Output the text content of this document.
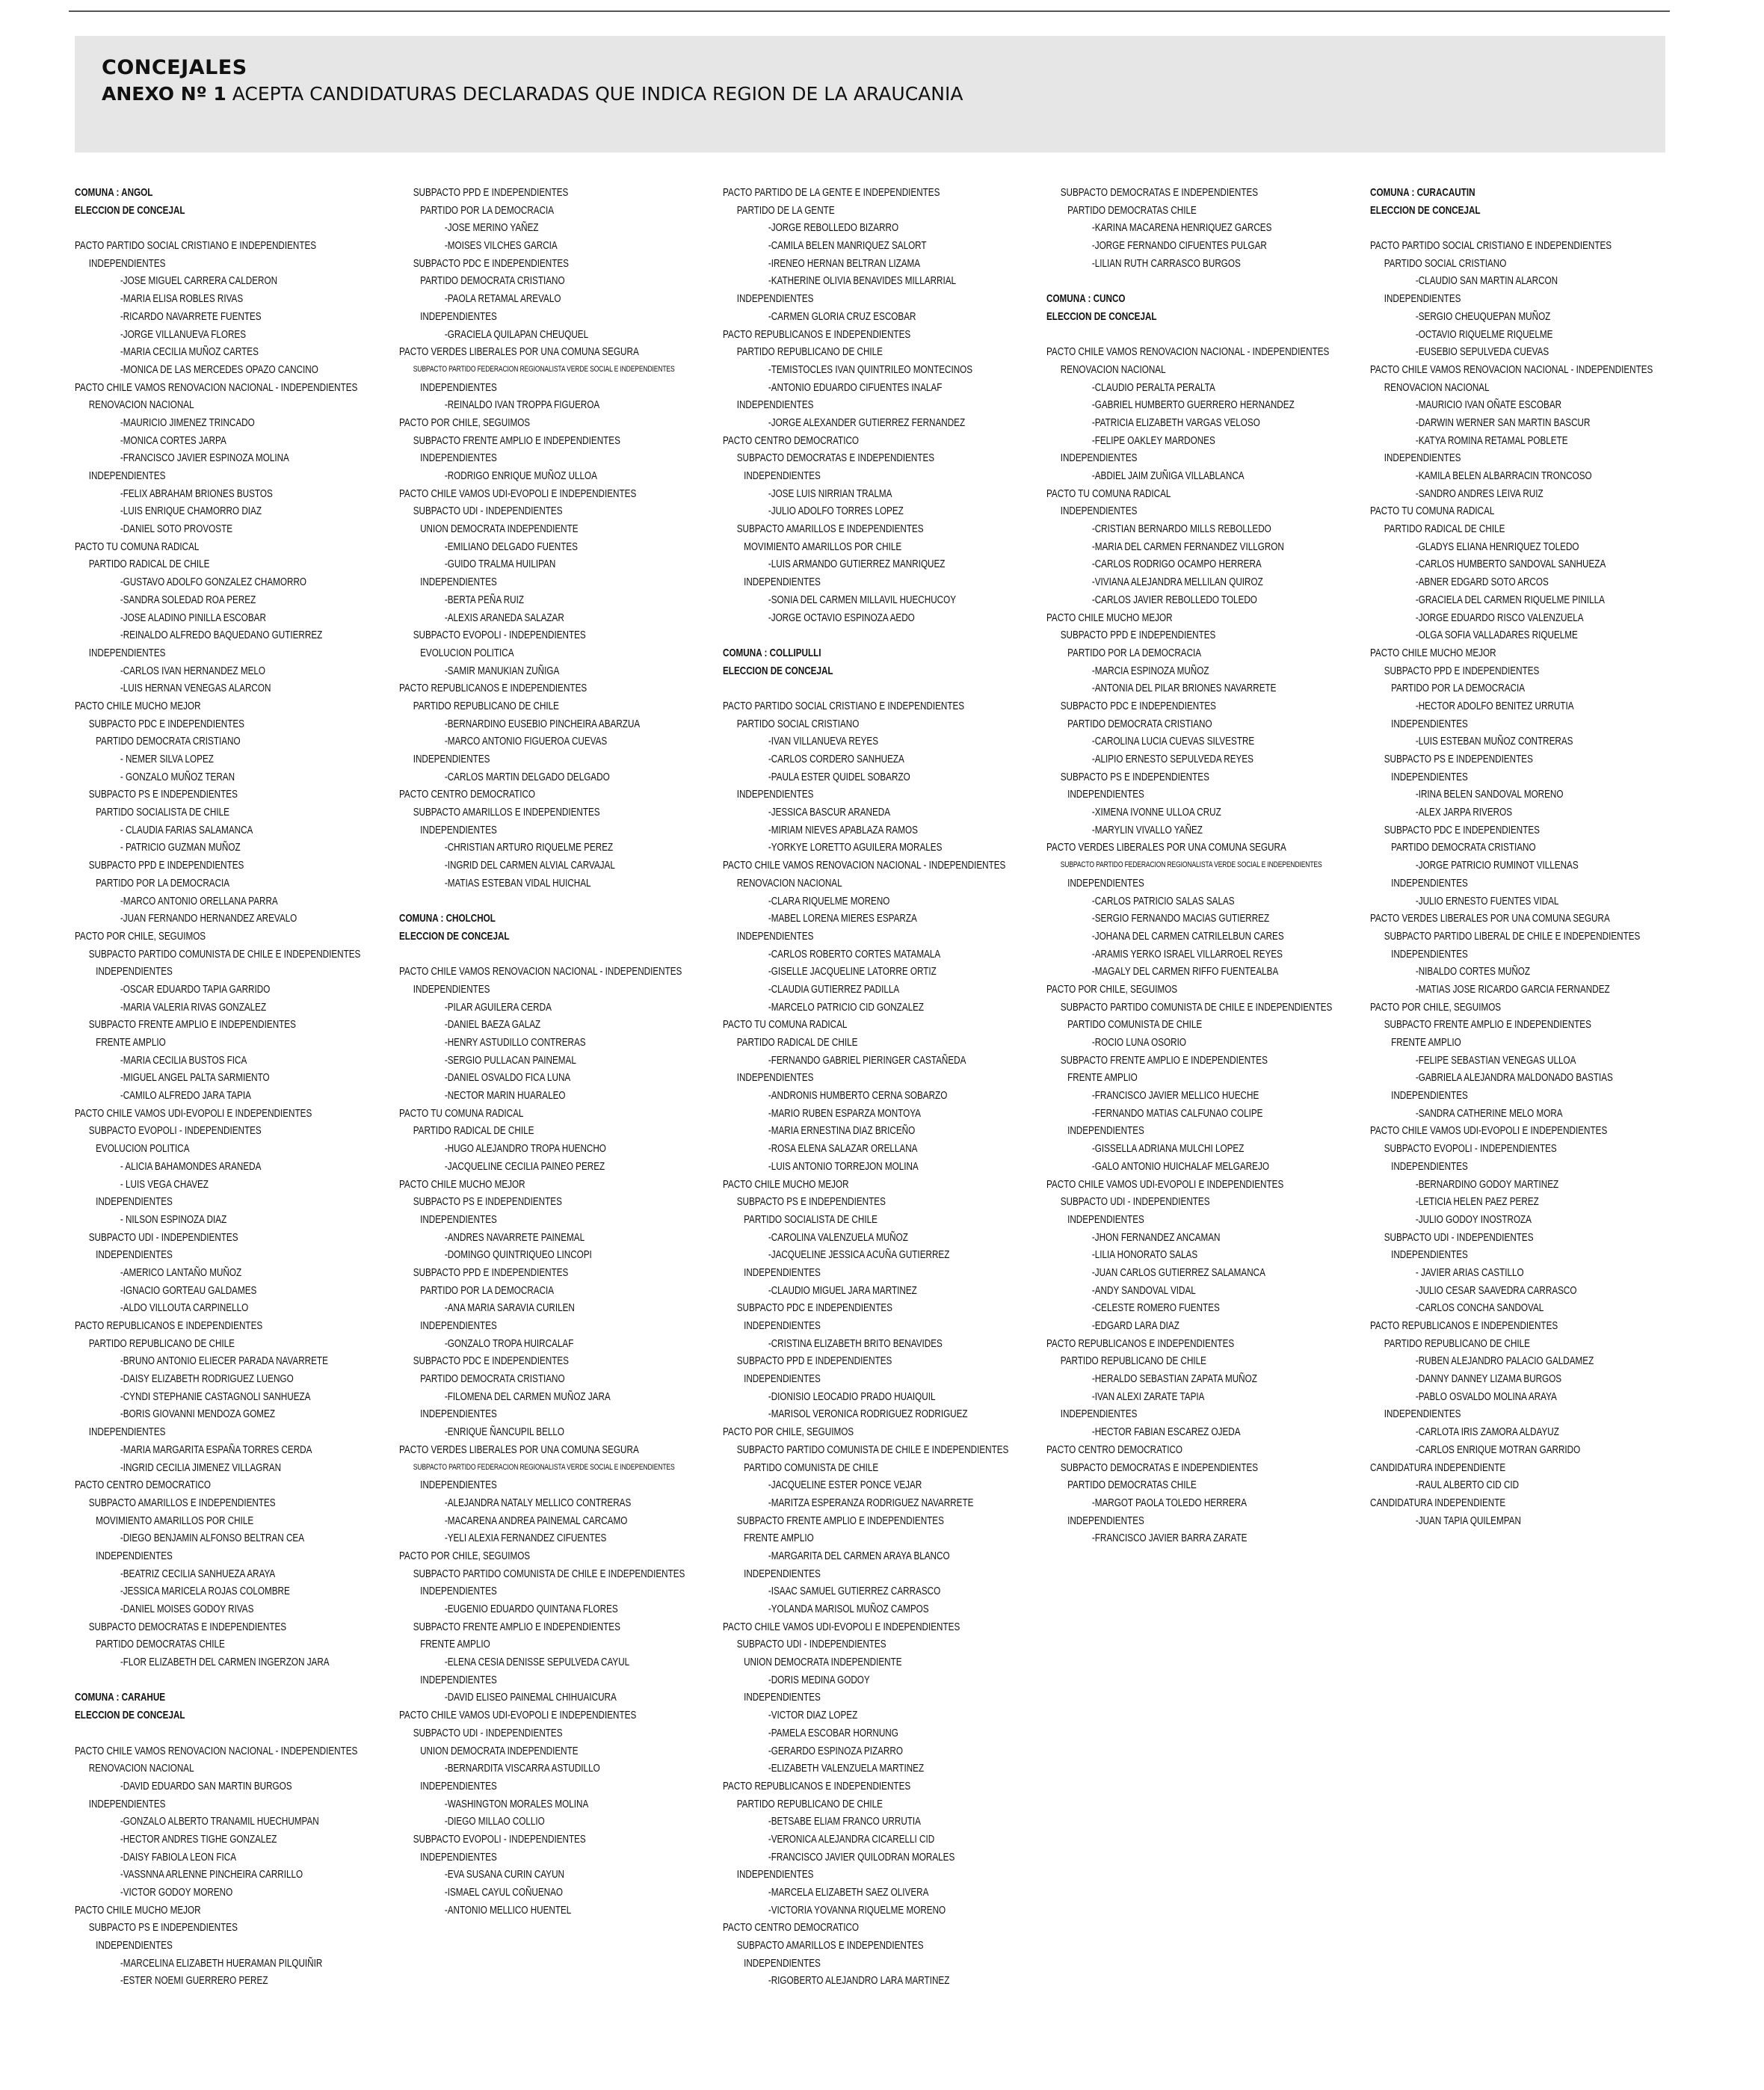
CONCEJALES

ANEXO Nº 1 ACEPTA CANDIDATURAS DECLARADAS QUE INDICA REGION DE LA ARAUCANIA

COMUNA : ANGOL
ELECCION DE CONCEJAL
PACTO PARTIDO SOCIAL CRISTIANO E INDEPENDIENTES
INDEPENDIENTES
-JOSE MIGUEL CARRERA CALDERON
-MARIA ELISA ROBLES RIVAS
-RICARDO NAVARRETE FUENTES
-JORGE VILLANUEVA FLORES
-MARIA CECILIA MUÑOZ CARTES
-MONICA DE LAS MERCEDES OPAZO CANCINO
PACTO CHILE VAMOS RENOVACION NACIONAL - INDEPENDIENTES
RENOVACION NACIONAL
-MAURICIO JIMENEZ TRINCADO
-MONICA CORTES JARPA
-FRANCISCO JAVIER ESPINOZA MOLINA
INDEPENDIENTES
-FELIX ABRAHAM BRIONES BUSTOS
-LUIS ENRIQUE CHAMORRO DIAZ
-DANIEL SOTO PROVOSTE
PACTO TU COMUNA RADICAL
PARTIDO RADICAL DE CHILE
-GUSTAVO ADOLFO GONZALEZ CHAMORRO
-SANDRA SOLEDAD ROA PEREZ
-JOSE ALADINO PINILLA ESCOBAR
-REINALDO ALFREDO BAQUEDANO GUTIERREZ
INDEPENDIENTES
-CARLOS IVAN HERNANDEZ MELO
-LUIS HERNAN VENEGAS ALARCON
PACTO CHILE MUCHO MEJOR
SUBPACTO PDC E INDEPENDIENTES
PARTIDO DEMOCRATA CRISTIANO
- NEMER SILVA LOPEZ
- GONZALO MUÑOZ TERAN
SUBPACTO PS E INDEPENDIENTES
PARTIDO SOCIALISTA DE CHILE
- CLAUDIA FARIAS SALAMANCA
- PATRICIO GUZMAN MUÑOZ
SUBPACTO PPD E INDEPENDIENTES
PARTIDO POR LA DEMOCRACIA
-MARCO ANTONIO ORELLANA PARRA
-JUAN FERNANDO HERNANDEZ AREVALO
PACTO POR CHILE, SEGUIMOS
SUBPACTO PARTIDO COMUNISTA DE CHILE E INDEPENDIENTES
INDEPENDIENTES
-OSCAR EDUARDO TAPIA GARRIDO
-MARIA VALERIA RIVAS GONZALEZ
SUBPACTO FRENTE AMPLIO E INDEPENDIENTES
FRENTE AMPLIO
-MARIA CECILIA BUSTOS FICA
-MIGUEL ANGEL PALTA SARMIENTO
-CAMILO ALFREDO JARA TAPIA
PACTO CHILE VAMOS UDI-EVOPOLI E INDEPENDIENTES
SUBPACTO EVOPOLI - INDEPENDIENTES
EVOLUCION POLITICA
- ALICIA BAHAMONDES ARANEDA
- LUIS VEGA CHAVEZ
INDEPENDIENTES
- NILSON ESPINOZA DIAZ
SUBPACTO UDI - INDEPENDIENTES
INDEPENDIENTES
-AMERICO LANTAÑO MUÑOZ
-IGNACIO GORTEAU GALDAMES
-ALDO VILLOUTA CARPINELLO
PACTO REPUBLICANOS E INDEPENDIENTES
PARTIDO REPUBLICANO DE CHILE
-BRUNO ANTONIO ELIECER PARADA NAVARRETE
-DAISY ELIZABETH RODRIGUEZ LUENGO
-CYNDI STEPHANIE CASTAGNOLI SANHUEZA
-BORIS GIOVANNI MENDOZA GOMEZ
INDEPENDIENTES
-MARIA MARGARITA ESPAÑA TORRES CERDA
-INGRID CECILIA JIMENEZ VILLAGRAN
PACTO CENTRO DEMOCRATICO
SUBPACTO AMARILLOS E INDEPENDIENTES
MOVIMIENTO AMARILLOS POR CHILE
-DIEGO BENJAMIN ALFONSO BELTRAN CEA
INDEPENDIENTES
-BEATRIZ CECILIA SANHUEZA ARAYA
-JESSICA MARICELA ROJAS COLOMBRE
-DANIEL MOISES GODOY RIVAS
SUBPACTO DEMOCRATAS E INDEPENDIENTES
PARTIDO DEMOCRATAS CHILE
-FLOR ELIZABETH DEL CARMEN INGERZON JARA
COMUNA : CARAHUE
ELECCION DE CONCEJAL
PACTO CHILE VAMOS RENOVACION NACIONAL - INDEPENDIENTES
RENOVACION NACIONAL
-DAVID EDUARDO SAN MARTIN BURGOS
INDEPENDIENTES
-GONZALO ALBERTO TRANAMIL HUECHUMPAN
-HECTOR ANDRES TIGHE GONZALEZ
-DAISY FABIOLA LEON FICA
-VASSNNA ARLENNE PINCHEIRA CARRILLO
-VICTOR GODOY MORENO
PACTO CHILE MUCHO MEJOR
SUBPACTO PS E INDEPENDIENTES
INDEPENDIENTES
-MARCELINA ELIZABETH HUERAMAN PILQUIÑIR
-ESTER NOEMI GUERRERO PEREZ
SUBPACTO PPD E INDEPENDIENTES
PARTIDO POR LA DEMOCRACIA
-JOSE MERINO YAÑEZ
-MOISES VILCHES GARCIA
SUBPACTO PDC E INDEPENDIENTES
PARTIDO DEMOCRATA CRISTIANO
-PAOLA RETAMAL AREVALO
INDEPENDIENTES
-GRACIELA QUILAPAN CHEUQUEL
PACTO VERDES LIBERALES POR UNA COMUNA SEGURA
SUBPACTO PARTIDO FEDERACION REGIONALISTA VERDE SOCIAL E INDEPENDIENTES
INDEPENDIENTES
-REINALDO IVAN TROPPA FIGUEROA
PACTO POR CHILE, SEGUIMOS
SUBPACTO FRENTE AMPLIO E INDEPENDIENTES
INDEPENDIENTES
-RODRIGO ENRIQUE MUÑOZ ULLOA
PACTO CHILE VAMOS UDI-EVOPOLI E INDEPENDIENTES
SUBPACTO UDI - INDEPENDIENTES
UNION DEMOCRATA INDEPENDIENTE
-EMILIANO DELGADO FUENTES
-GUIDO TRALMA HUILIPAN
INDEPENDIENTES
-BERTA PEÑA RUIZ
-ALEXIS ARANEDA SALAZAR
SUBPACTO EVOPOLI - INDEPENDIENTES
EVOLUCION POLITICA
-SAMIR MANUKIAN ZUÑIGA
PACTO REPUBLICANOS E INDEPENDIENTES
PARTIDO REPUBLICANO DE CHILE
-BERNARDINO EUSEBIO PINCHEIRA ABARZUA
-MARCO ANTONIO FIGUEROA CUEVAS
INDEPENDIENTES
-CARLOS MARTIN DELGADO DELGADO
PACTO CENTRO DEMOCRATICO
SUBPACTO AMARILLOS E INDEPENDIENTES
INDEPENDIENTES
-CHRISTIAN ARTURO RIQUELME PEREZ
-INGRID DEL CARMEN ALVIAL CARVAJAL
-MATIAS ESTEBAN VIDAL HUICHAL
COMUNA : CHOLCHOL
ELECCION DE CONCEJAL
PACTO CHILE VAMOS RENOVACION NACIONAL - INDEPENDIENTES
INDEPENDIENTES
-PILAR AGUILERA CERDA
-DANIEL BAEZA GALAZ
-HENRY ASTUDILLO CONTRERAS
-SERGIO PULLACAN PAINEMAL
-DANIEL OSVALDO FICA LUNA
-NECTOR MARIN HUARALEO
PACTO TU COMUNA RADICAL
PARTIDO RADICAL DE CHILE
-HUGO ALEJANDRO TROPA HUENCHO
-JACQUELINE CECILIA PAINEO PEREZ
PACTO CHILE MUCHO MEJOR
SUBPACTO PS E INDEPENDIENTES
INDEPENDIENTES
-ANDRES NAVARRETE PAINEMAL
-DOMINGO QUINTRIQUEO LINCOPI
SUBPACTO PPD E INDEPENDIENTES
PARTIDO POR LA DEMOCRACIA
-ANA MARIA SARAVIA CURILEN
INDEPENDIENTES
-GONZALO TROPA HUIRCALAF
SUBPACTO PDC E INDEPENDIENTES
PARTIDO DEMOCRATA CRISTIANO
-FILOMENA DEL CARMEN MUÑOZ JARA
INDEPENDIENTES
-ENRIQUE ÑANCUPIL BELLO
PACTO VERDES LIBERALES POR UNA COMUNA SEGURA
SUBPACTO PARTIDO FEDERACION REGIONALISTA VERDE SOCIAL E INDEPENDIENTES
INDEPENDIENTES
-ALEJANDRA NATALY MELLICO CONTRERAS
-MACARENA ANDREA PAINEMAL CARCAMO
-YELI ALEXIA FERNANDEZ CIFUENTES
PACTO POR CHILE, SEGUIMOS
SUBPACTO PARTIDO COMUNISTA DE CHILE E INDEPENDIENTES
INDEPENDIENTES
-EUGENIO EDUARDO QUINTANA FLORES
SUBPACTO FRENTE AMPLIO E INDEPENDIENTES
FRENTE AMPLIO
-ELENA CESIA DENISSE SEPULVEDA CAYUL
INDEPENDIENTES
-DAVID ELISEO PAINEMAL CHIHUAICURA
PACTO CHILE VAMOS UDI-EVOPOLI E INDEPENDIENTES
SUBPACTO UDI - INDEPENDIENTES
UNION DEMOCRATA INDEPENDIENTE
-BERNARDITA VISCARRA ASTUDILLO
INDEPENDIENTES
-WASHINGTON MORALES MOLINA
-DIEGO MILLAO COLLIO
SUBPACTO EVOPOLI - INDEPENDIENTES
INDEPENDIENTES
-EVA SUSANA CURIN CAYUN
-ISMAEL CAYUL COÑUENAO
-ANTONIO MELLICO HUENTEL
PACTO PARTIDO DE LA GENTE E INDEPENDIENTES
PARTIDO DE LA GENTE
-JORGE REBOLLEDO BIZARRO
-CAMILA BELEN MANRIQUEZ SALORT
-IRENEO HERNAN BELTRAN LIZAMA
-KATHERINE OLIVIA BENAVIDES MILLARRIAL
INDEPENDIENTES
-CARMEN GLORIA CRUZ ESCOBAR
PACTO REPUBLICANOS E INDEPENDIENTES
PARTIDO REPUBLICANO DE CHILE
-TEMISTOCLES IVAN QUINTRILEO MONTECINOS
-ANTONIO EDUARDO CIFUENTES INALAF
INDEPENDIENTES
-JORGE ALEXANDER GUTIERREZ FERNANDEZ
PACTO CENTRO DEMOCRATICO
SUBPACTO DEMOCRATAS E INDEPENDIENTES
INDEPENDIENTES
-JOSE LUIS NIRRIAN TRALMA
-JULIO ADOLFO TORRES LOPEZ
SUBPACTO AMARILLOS E INDEPENDIENTES
MOVIMIENTO AMARILLOS POR CHILE
-LUIS ARMANDO GUTIERREZ MANRIQUEZ
INDEPENDIENTES
-SONIA DEL CARMEN MILLAVIL HUECHUCOY
-JORGE OCTAVIO ESPINOZA AEDO
COMUNA : COLLIPULLI
ELECCION DE CONCEJAL
PACTO PARTIDO SOCIAL CRISTIANO E INDEPENDIENTES
PARTIDO SOCIAL CRISTIANO
-IVAN VILLANUEVA REYES
-CARLOS CORDERO SANHUEZA
-PAULA ESTER QUIDEL SOBARZO
INDEPENDIENTES
-JESSICA BASCUR ARANEDA
-MIRIAM NIEVES APABLAZA RAMOS
-YORKYE LORETTO AGUILERA MORALES
PACTO CHILE VAMOS RENOVACION NACIONAL - INDEPENDIENTES
RENOVACION NACIONAL
-CLARA RIQUELME MORENO
-MABEL LORENA MIERES ESPARZA
INDEPENDIENTES
-CARLOS ROBERTO CORTES MATAMALA
-GISELLE JACQUELINE LATORRE ORTIZ
-CLAUDIA GUTIERREZ PADILLA
-MARCELO PATRICIO CID GONZALEZ
PACTO TU COMUNA RADICAL
PARTIDO RADICAL DE CHILE
-FERNANDO GABRIEL PIERINGER CASTAÑEDA
INDEPENDIENTES
-ANDRONIS HUMBERTO CERNA SOBARZO
-MARIO RUBEN ESPARZA MONTOYA
-MARIA ERNESTINA DIAZ BRICEÑO
-ROSA ELENA SALAZAR ORELLANA
-LUIS ANTONIO TORREJON MOLINA
PACTO CHILE MUCHO MEJOR
SUBPACTO PS E INDEPENDIENTES
PARTIDO SOCIALISTA DE CHILE
-CAROLINA VALENZUELA MUÑOZ
-JACQUELINE JESSICA ACUÑA GUTIERREZ
INDEPENDIENTES
-CLAUDIO MIGUEL JARA MARTINEZ
SUBPACTO PDC E INDEPENDIENTES
INDEPENDIENTES
-CRISTINA ELIZABETH BRITO BENAVIDES
SUBPACTO PPD E INDEPENDIENTES
INDEPENDIENTES
-DIONISIO LEOCADIO PRADO HUAIQUIL
-MARISOL VERONICA RODRIGUEZ RODRIGUEZ
PACTO POR CHILE, SEGUIMOS
SUBPACTO PARTIDO COMUNISTA DE CHILE E INDEPENDIENTES
PARTIDO COMUNISTA DE CHILE
-JACQUELINE ESTER PONCE VEJAR
-MARITZA ESPERANZA RODRIGUEZ NAVARRETE
SUBPACTO FRENTE AMPLIO E INDEPENDIENTES
FRENTE AMPLIO
-MARGARITA DEL CARMEN ARAYA BLANCO
INDEPENDIENTES
-ISAAC SAMUEL GUTIERREZ CARRASCO
-YOLANDA MARISOL MUÑOZ CAMPOS
PACTO CHILE VAMOS UDI-EVOPOLI E INDEPENDIENTES
SUBPACTO UDI - INDEPENDIENTES
UNION DEMOCRATA INDEPENDIENTE
-DORIS MEDINA GODOY
INDEPENDIENTES
-VICTOR DIAZ LOPEZ
-PAMELA ESCOBAR HORNUNG
-GERARDO ESPINOZA PIZARRO
-ELIZABETH VALENZUELA MARTINEZ
PACTO REPUBLICANOS E INDEPENDIENTES
PARTIDO REPUBLICANO DE CHILE
-BETSABE ELIAM FRANCO URRUTIA
-VERONICA ALEJANDRA CICARELLI CID
-FRANCISCO JAVIER QUILODRAN MORALES
INDEPENDIENTES
-MARCELA ELIZABETH SAEZ OLIVERA
-VICTORIA YOVANNA RIQUELME MORENO
PACTO CENTRO DEMOCRATICO
SUBPACTO AMARILLOS E INDEPENDIENTES
INDEPENDIENTES
-RIGOBERTO ALEJANDRO LARA MARTINEZ
SUBPACTO DEMOCRATAS E INDEPENDIENTES
PARTIDO DEMOCRATAS CHILE
-KARINA MACARENA HENRIQUEZ GARCES
-JORGE FERNANDO CIFUENTES PULGAR
-LILIAN RUTH CARRASCO BURGOS
COMUNA : CUNCO
ELECCION DE CONCEJAL
PACTO CHILE VAMOS RENOVACION NACIONAL - INDEPENDIENTES
RENOVACION NACIONAL
-CLAUDIO PERALTA PERALTA
-GABRIEL HUMBERTO GUERRERO HERNANDEZ
-PATRICIA ELIZABETH VARGAS VELOSO
-FELIPE OAKLEY MARDONES
INDEPENDIENTES
-ABDIEL JAIM ZUÑIGA VILLABLANCA
PACTO TU COMUNA RADICAL
INDEPENDIENTES
-CRISTIAN BERNARDO MILLS REBOLLEDO
-MARIA DEL CARMEN FERNANDEZ VILLGRON
-CARLOS RODRIGO OCAMPO HERRERA
-VIVIANA ALEJANDRA MELLILAN QUIROZ
-CARLOS JAVIER REBOLLEDO TOLEDO
PACTO CHILE MUCHO MEJOR
SUBPACTO PPD E INDEPENDIENTES
PARTIDO POR LA DEMOCRACIA
-MARCIA ESPINOZA MUÑOZ
-ANTONIA DEL PILAR BRIONES NAVARRETE
SUBPACTO PDC E INDEPENDIENTES
PARTIDO DEMOCRATA CRISTIANO
-CAROLINA LUCIA CUEVAS SILVESTRE
-ALIPIO ERNESTO SEPULVEDA REYES
SUBPACTO PS E INDEPENDIENTES
INDEPENDIENTES
-XIMENA IVONNE ULLOA CRUZ
-MARYLIN VIVALLO YAÑEZ
PACTO VERDES LIBERALES POR UNA COMUNA SEGURA
SUBPACTO PARTIDO FEDERACION REGIONALISTA VERDE SOCIAL E INDEPENDIENTES
INDEPENDIENTES
-CARLOS PATRICIO SALAS SALAS
-SERGIO FERNANDO MACIAS GUTIERREZ
-JOHANA DEL CARMEN CATRILELBUN CARES
-ARAMIS YERKO ISRAEL VILLARROEL REYES
-MAGALY DEL CARMEN RIFFO FUENTEALBA
PACTO POR CHILE, SEGUIMOS
SUBPACTO PARTIDO COMUNISTA DE CHILE E INDEPENDIENTES
PARTIDO COMUNISTA DE CHILE
-ROCIO LUNA OSORIO
SUBPACTO FRENTE AMPLIO E INDEPENDIENTES
FRENTE AMPLIO
-FRANCISCO JAVIER MELLICO HUECHE
-FERNANDO MATIAS CALFUNAO COLIPE
INDEPENDIENTES
-GISSELLA ADRIANA MULCHI LOPEZ
-GALO ANTONIO HUICHALAF MELGAREJO
PACTO CHILE VAMOS UDI-EVOPOLI E INDEPENDIENTES
SUBPACTO UDI - INDEPENDIENTES
INDEPENDIENTES
-JHON FERNANDEZ ANCAMAN
-LILIA HONORATO SALAS
-JUAN CARLOS GUTIERREZ SALAMANCA
-ANDY SANDOVAL VIDAL
-CELESTE ROMERO FUENTES
-EDGARD LARA DIAZ
PACTO REPUBLICANOS E INDEPENDIENTES
PARTIDO REPUBLICANO DE CHILE
-HERALDO SEBASTIAN ZAPATA MUÑOZ
-IVAN ALEXI ZARATE TAPIA
INDEPENDIENTES
-HECTOR FABIAN ESCAREZ OJEDA
PACTO CENTRO DEMOCRATICO
SUBPACTO DEMOCRATAS E INDEPENDIENTES
PARTIDO DEMOCRATAS CHILE
-MARGOT PAOLA TOLEDO HERRERA
INDEPENDIENTES
-FRANCISCO JAVIER BARRA ZARATE
COMUNA : CURACAUTIN
ELECCION DE CONCEJAL
PACTO PARTIDO SOCIAL CRISTIANO E INDEPENDIENTES
PARTIDO SOCIAL CRISTIANO
-CLAUDIO SAN MARTIN ALARCON
INDEPENDIENTES
-SERGIO CHEUQUEPAN MUÑOZ
-OCTAVIO RIQUELME RIQUELME
-EUSEBIO SEPULVEDA CUEVAS
PACTO CHILE VAMOS RENOVACION NACIONAL - INDEPENDIENTES
RENOVACION NACIONAL
-MAURICIO IVAN OÑATE ESCOBAR
-DARWIN WERNER SAN MARTIN BASCUR
-KATYA ROMINA RETAMAL POBLETE
INDEPENDIENTES
-KAMILA BELEN ALBARRACIN TRONCOSO
-SANDRO ANDRES LEIVA RUIZ
PACTO TU COMUNA RADICAL
PARTIDO RADICAL DE CHILE
-GLADYS ELIANA HENRIQUEZ TOLEDO
-CARLOS HUMBERTO SANDOVAL SANHUEZA
-ABNER EDGARD SOTO ARCOS
-GRACIELA DEL CARMEN RIQUELME PINILLA
-JORGE EDUARDO RISCO VALENZUELA
-OLGA SOFIA VALLADARES RIQUELME
PACTO CHILE MUCHO MEJOR
SUBPACTO PPD E INDEPENDIENTES
PARTIDO POR LA DEMOCRACIA
-HECTOR ADOLFO BENITEZ URRUTIA
INDEPENDIENTES
-LUIS ESTEBAN MUÑOZ CONTRERAS
SUBPACTO PS E INDEPENDIENTES
INDEPENDIENTES
-IRINA BELEN SANDOVAL MORENO
-ALEX JARPA RIVEROS
SUBPACTO PDC E INDEPENDIENTES
PARTIDO DEMOCRATA CRISTIANO
-JORGE PATRICIO RUMINOT VILLENAS
INDEPENDIENTES
-JULIO ERNESTO FUENTES VIDAL
PACTO VERDES LIBERALES POR UNA COMUNA SEGURA
SUBPACTO PARTIDO LIBERAL DE CHILE E INDEPENDIENTES
INDEPENDIENTES
-NIBALDO CORTES MUÑOZ
-MATIAS JOSE RICARDO GARCIA FERNANDEZ
PACTO POR CHILE, SEGUIMOS
SUBPACTO FRENTE AMPLIO E INDEPENDIENTES
FRENTE AMPLIO
-FELIPE SEBASTIAN VENEGAS ULLOA
-GABRIELA ALEJANDRA MALDONADO BASTIAS
INDEPENDIENTES
-SANDRA CATHERINE MELO MORA
PACTO CHILE VAMOS UDI-EVOPOLI E INDEPENDIENTES
SUBPACTO EVOPOLI - INDEPENDIENTES
INDEPENDIENTES
-BERNARDINO GODOY MARTINEZ
-LETICIA HELEN PAEZ PEREZ
-JULIO GODOY INOSTROZA
SUBPACTO UDI - INDEPENDIENTES
INDEPENDIENTES
- JAVIER ARIAS CASTILLO
-JULIO CESAR SAAVEDRA CARRASCO
-CARLOS CONCHA SANDOVAL
PACTO REPUBLICANOS E INDEPENDIENTES
PARTIDO REPUBLICANO DE CHILE
-RUBEN ALEJANDRO PALACIO GALDAMEZ
-DANNY DANNEY LIZAMA BURGOS
-PABLO OSVALDO MOLINA ARAYA
INDEPENDIENTES
-CARLOTA IRIS ZAMORA ALDAYUZ
-CARLOS ENRIQUE MOTRAN GARRIDO
CANDIDATURA INDEPENDIENTE
-RAUL ALBERTO CID CID
CANDIDATURA INDEPENDIENTE
-JUAN TAPIA QUILEMPAN
